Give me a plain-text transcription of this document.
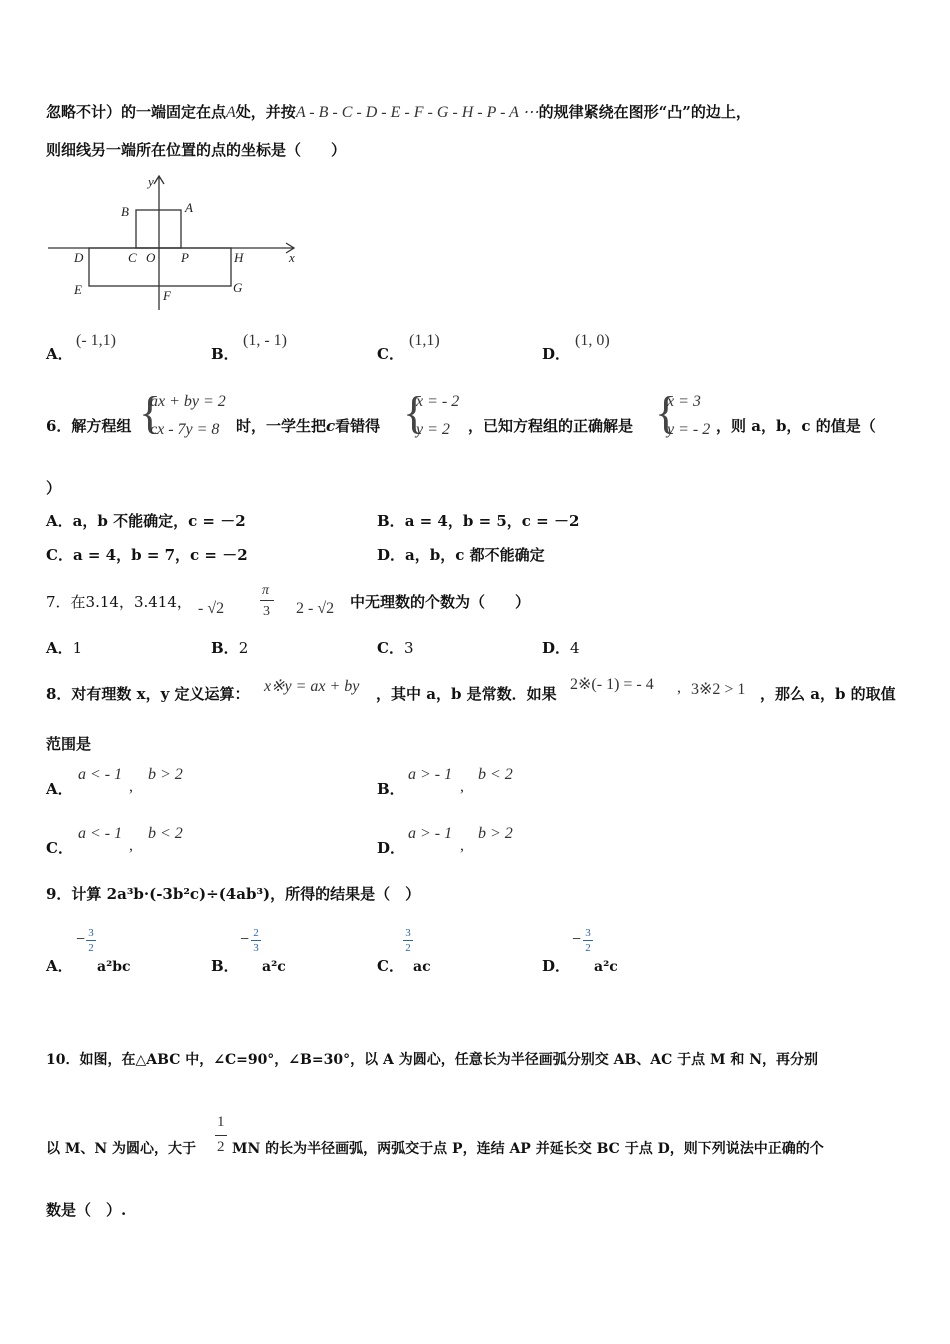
忽略不计）的一端固定在点A处，并按A - B - C - D - E - F - G - H - P - A ⋯的规律紧绕在图形“凸”的边上，
则细线另一端所在位置的点的坐标是（　　）
y
x
A
B
C O P
D	H
E	F
G
A．
(- 1,1)
B．
(1, - 1)
C．
(1,1)
D．
(1, 0)
6．解方程组 {
ax + by = 2
cx - 7y = 8 时，一学生把c看错得 {
x = - 2
y = 2 ，已知方程组的正确解是 {
x = 3
y = - 2 ，则 a，b，c 的值是（
）
A．a，b 不能确定，c = －2	B．a = 4，b = 5，c = －2
C．a = 4，b = 7，c = －2	D．a，b，c 都不能确定
7．在3.14，3.414， - √2
π
3 2 - √2 中无理数的个数为（　　）
A．1	B．2	C．3	D．4
8．对有理数 x，y 定义运算： x※y = ax + by ，其中 a，b 是常数．如果
2※(- 1) = - 4 , 3※2 > 1 ，那么 a，b 的取值
范围是
A．
a < - 1
,
b > 2
B．
a > - 1
,
b < 2
C．
a < - 1
,
b < 2
D．
a > - 1
,
b > 2
9．计算 2a³b·(-3b²c)÷(4ab³)，所得的结果是（　）
A．
− 3
2
a²bc	B．
− 2
3
a²c	C．
3
2
ac	D．
− 3
2
a²c
10．如图，在△ABC 中，∠C=90°，∠B=30°，以 A 为圆心，任意长为半径画弧分别交 AB、AC 于点 M 和 N，再分别
以 M、N 为圆心，大于
1
2 MN 的长为半径画弧，两弧交于点 P，连结 AP 并延长交 BC 于点 D，则下列说法中正确的个
数是（　）.
